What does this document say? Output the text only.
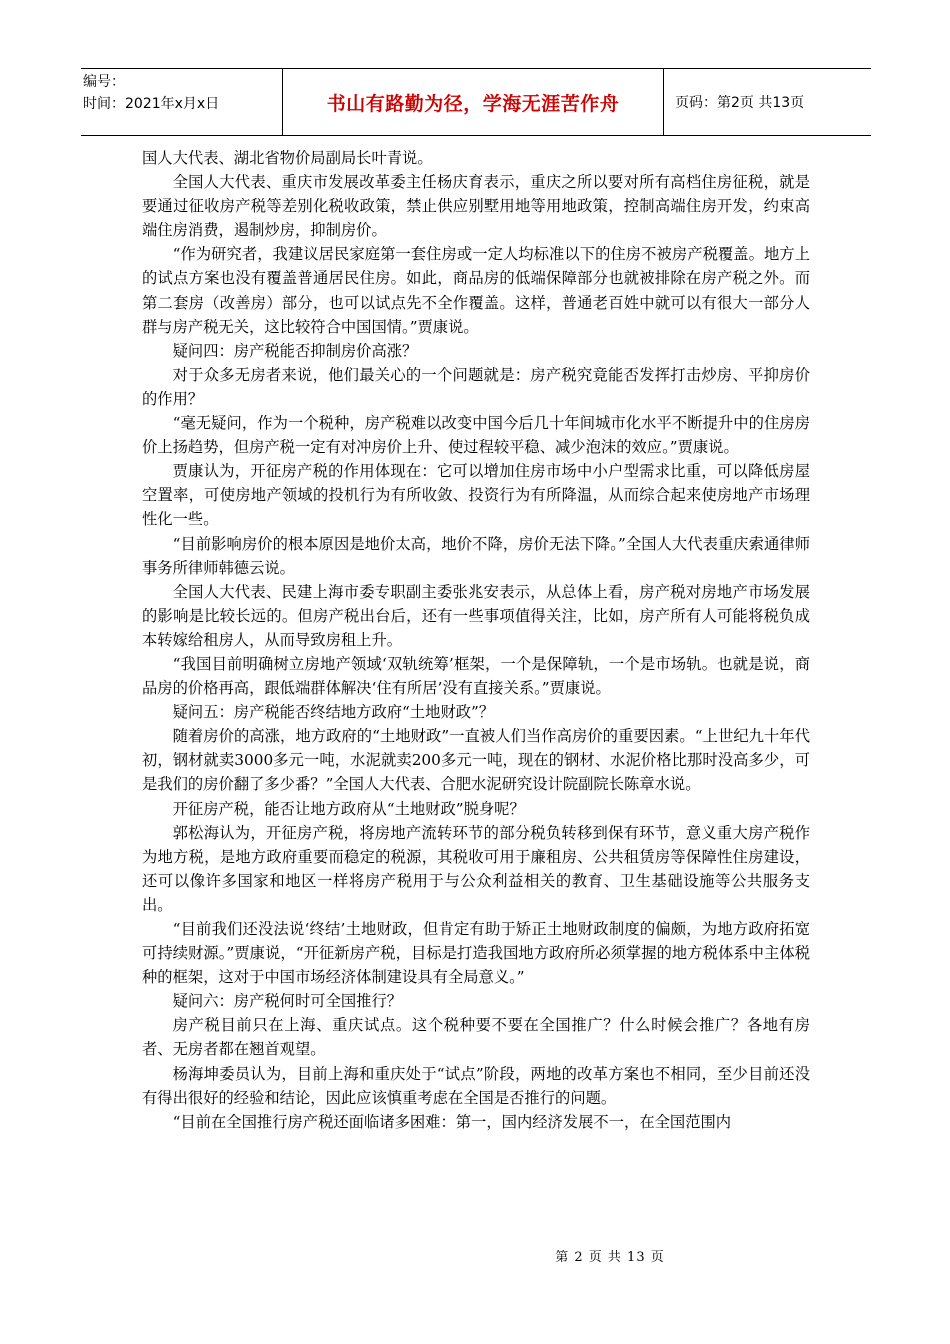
编号：
时间：2021年x月x日	书山有路勤为径，学海无涯苦作舟	页码：第2页 共13页

国人大代表、湖北省物价局副局长叶青说。

全国人大代表、重庆市发展改革委主任杨庆育表示，重庆之所以要对所有高档住房征税，就是要通过征收房产税等差别化税收政策，禁止供应别墅用地等用地政策，控制高端住房开发，约束高端住房消费，遏制炒房，抑制房价。

“作为研究者，我建议居民家庭第一套住房或一定人均标准以下的住房不被房产税覆盖。地方上的试点方案也没有覆盖普通居民住房。如此，商品房的低端保障部分也就被排除在房产税之外。而第二套房（改善房）部分，也可以试点先不全作覆盖。这样，普通老百姓中就可以有很大一部分人群与房产税无关，这比较符合中国国情。”贾康说。

疑问四：房产税能否抑制房价高涨？

对于众多无房者来说，他们最关心的一个问题就是：房产税究竟能否发挥打击炒房、平抑房价的作用？

“毫无疑问，作为一个税种，房产税难以改变中国今后几十年间城市化水平不断提升中的住房房价上扬趋势，但房产税一定有对冲房价上升、使过程较平稳、减少泡沫的效应。”贾康说。

贾康认为，开征房产税的作用体现在：它可以增加住房市场中小户型需求比重，可以降低房屋空置率，可使房地产领域的投机行为有所收敛、投资行为有所降温，从而综合起来使房地产市场理性化一些。

“目前影响房价的根本原因是地价太高，地价不降，房价无法下降。”全国人大代表重庆索通律师事务所律师韩德云说。

全国人大代表、民建上海市委专职副主委张兆安表示，从总体上看，房产税对房地产市场发展的影响是比较长远的。但房产税出台后，还有一些事项值得关注，比如，房产所有人可能将税负成本转嫁给租房人，从而导致房租上升。

“我国目前明确树立房地产领域‘双轨统筹’框架，一个是保障轨，一个是市场轨。也就是说，商品房的价格再高，跟低端群体解决‘住有所居’没有直接关系。”贾康说。

疑问五：房产税能否终结地方政府“土地财政”？

随着房价的高涨，地方政府的“土地财政”一直被人们当作高房价的重要因素。“上世纪九十年代初，钢材就卖3000多元一吨，水泥就卖200多元一吨，现在的钢材、水泥价格比那时没高多少，可是我们的房价翻了多少番？”全国人大代表、合肥水泥研究设计院副院长陈章水说。

开征房产税，能否让地方政府从“土地财政”脱身呢？

郭松海认为，开征房产税，将房地产流转环节的部分税负转移到保有环节，意义重大房产税作为地方税，是地方政府重要而稳定的税源，其税收可用于廉租房、公共租赁房等保障性住房建设，还可以像许多国家和地区一样将房产税用于与公众利益相关的教育、卫生基础设施等公共服务支出。

“目前我们还没法说‘终结’土地财政，但肯定有助于矫正土地财政制度的偏颇，为地方政府拓宽可持续财源。”贾康说，“开征新房产税，目标是打造我国地方政府所必须掌握的地方税体系中主体税种的框架，这对于中国市场经济体制建设具有全局意义。”

疑问六：房产税何时可全国推行？

房产税目前只在上海、重庆试点。这个税种要不要在全国推广？什么时候会推广？各地有房者、无房者都在翘首观望。

杨海坤委员认为，目前上海和重庆处于“试点”阶段，两地的改革方案也不相同，至少目前还没有得出很好的经验和结论，因此应该慎重考虑在全国是否推行的问题。

“目前在全国推行房产税还面临诸多困难：第一，国内经济发展不一，在全国范围内

第 2 页 共 13 页
